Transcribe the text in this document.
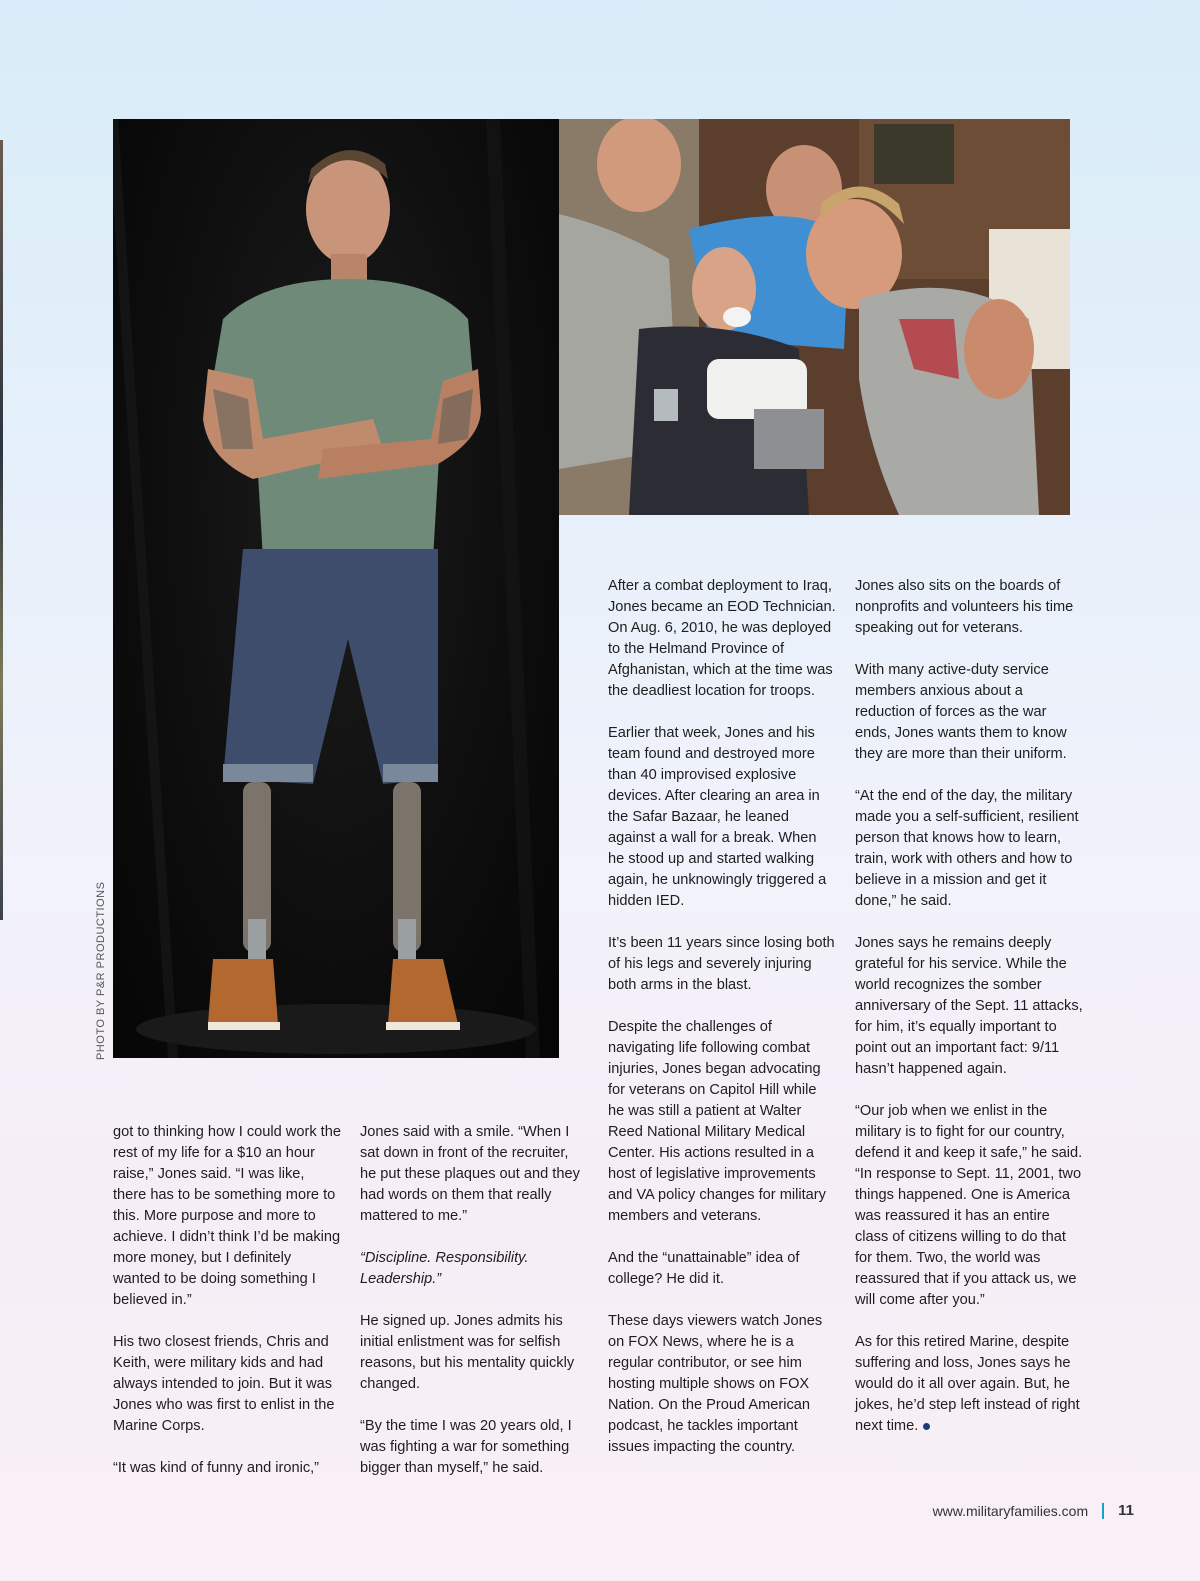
PHOTO BY P&R PRODUCTIONS

got to thinking how I could work the rest of my life for a $10 an hour raise,” Jones said. “I was like, there has to be something more to this. More purpose and more to achieve. I didn’t think I’d be making more money, but I definitely wanted to be doing something I believed in.”

His two closest friends, Chris and Keith, were military kids and had always intended to join. But it was Jones who was first to enlist in the Marine Corps.

“It was kind of funny and ironic,”

Jones said with a smile. “When I sat down in front of the recruiter, he put these plaques out and they had words on them that really mattered to me.”

“Discipline. Responsibility. Leadership.”

He signed up. Jones admits his initial enlistment was for selfish reasons, but his mentality quickly changed.

“By the time I was 20 years old, I was fighting a war for something bigger than myself,” he said.

After a combat deployment to Iraq, Jones became an EOD Technician. On Aug. 6, 2010, he was deployed to the Helmand Province of Afghanistan, which at the time was the deadliest location for troops.

Earlier that week, Jones and his team found and destroyed more than 40 improvised explosive devices. After clearing an area in the Safar Bazaar, he leaned against a wall for a break. When he stood up and started walking again, he unknowingly triggered a hidden IED.

It’s been 11 years since losing both of his legs and severely injuring both arms in the blast.

Despite the challenges of navigating life following combat injuries, Jones began advocating for veterans on Capitol Hill while he was still a patient at Walter Reed National Military Medical Center. His actions resulted in a host of legislative improvements and VA policy changes for military members and veterans.

And the “unattainable” idea of college? He did it.

These days viewers watch Jones on FOX News, where he is a regular contributor, or see him hosting multiple shows on FOX Nation. On the Proud American podcast, he tackles important issues impacting the country.

Jones also sits on the boards of nonprofits and volunteers his time speaking out for veterans.

With many active-duty service members anxious about a reduction of forces as the war ends, Jones wants them to know they are more than their uniform.

“At the end of the day, the military made you a self-sufficient, resilient person that knows how to learn, train, work with others and how to believe in a mission and get it done,” he said.

Jones says he remains deeply grateful for his service. While the world recognizes the somber anniversary of the Sept. 11 attacks, for him, it’s equally important to point out an important fact: 9/11 hasn’t happened again.

“Our job when we enlist in the military is to fight for our country, defend it and keep it safe,” he said. “In response to Sept. 11, 2001, two things happened. One is America was reassured it has an entire class of citizens willing to do that for them. Two, the world was reassured that if you attack us, we will come after you.”

As for this retired Marine, despite suffering and loss, Jones says he would do it all over again. But, he jokes, he’d step left instead of right next time.

www.militaryfamilies.com 11
